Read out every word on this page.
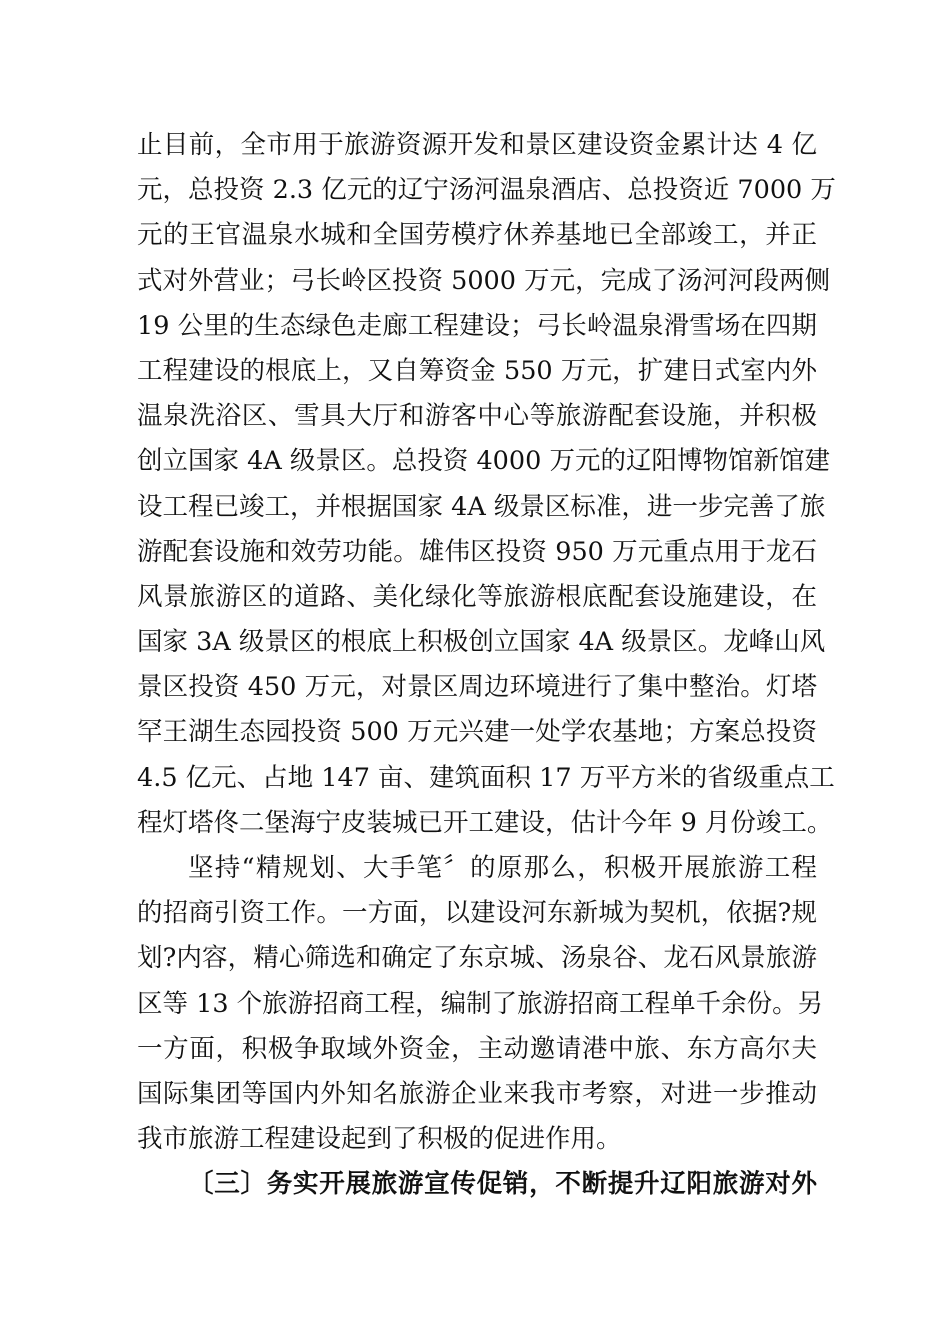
止目前，全市用于旅游资源开发和景区建设资金累计达 4 亿
元，总投资 2.3 亿元的辽宁汤河温泉酒店、总投资近 7000 万
元的王官温泉水城和全国劳模疗休养基地已全部竣工，并正
式对外营业；弓长岭区投资 5000 万元，完成了汤河河段两侧
19 公里的生态绿色走廊工程建设；弓长岭温泉滑雪场在四期
工程建设的根底上，又自筹资金 550 万元，扩建日式室内外
温泉洗浴区、雪具大厅和游客中心等旅游配套设施，并积极
创立国家 4A 级景区。总投资 4000 万元的辽阳博物馆新馆建
设工程已竣工，并根据国家 4A 级景区标准，进一步完善了旅
游配套设施和效劳功能。雄伟区投资 950 万元重点用于龙石
风景旅游区的道路、美化绿化等旅游根底配套设施建设，在
国家 3A 级景区的根底上积极创立国家 4A 级景区。龙峰山风
景区投资 450 万元，对景区周边环境进行了集中整治。灯塔
罕王湖生态园投资 500 万元兴建一处学农基地；方案总投资
4.5 亿元、占地 147 亩、建筑面积 17 万平方米的省级重点工
程灯塔佟二堡海宁皮装城已开工建设，估计今年 9 月份竣工。
坚持“精规划、大手笔〞的原那么，积极开展旅游工程
的招商引资工作。一方面，以建设河东新城为契机，依据?规
划?内容，精心筛选和确定了东京城、汤泉谷、龙石风景旅游
区等 13 个旅游招商工程，编制了旅游招商工程单千余份。另
一方面，积极争取域外资金，主动邀请港中旅、东方高尔夫
国际集团等国内外知名旅游企业来我市考察，对进一步推动
我市旅游工程建设起到了积极的促进作用。
〔三〕务实开展旅游宣传促销，不断提升辽阳旅游对外
